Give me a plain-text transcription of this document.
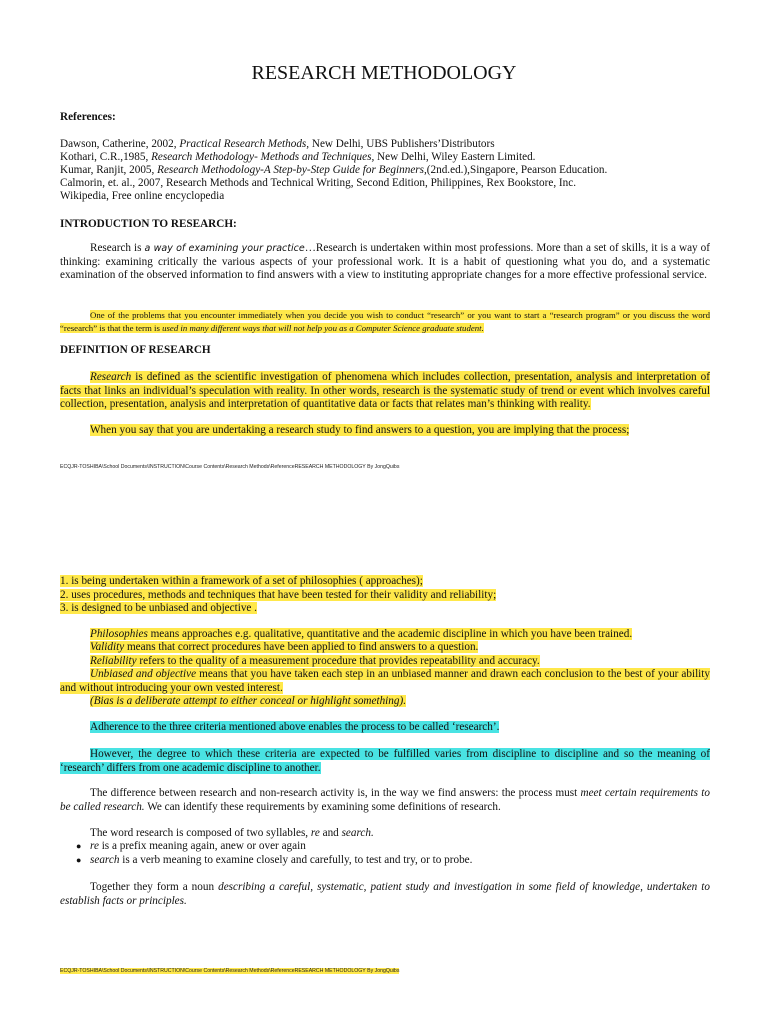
RESEARCH METHODOLOGY
References:
Dawson, Catherine, 2002, Practical Research Methods, New Delhi, UBS Publishers’Distributors
Kothari, C.R.,1985, Research Methodology- Methods and Techniques, New Delhi, Wiley Eastern Limited.
Kumar, Ranjit, 2005, Research Methodology-A Step-by-Step Guide for Beginners,(2nd.ed.),Singapore, Pearson Education.
Calmorin, et. al., 2007, Research Methods and Technical Writing, Second Edition, Philippines, Rex Bookstore, Inc.
Wikipedia, Free online encyclopedia
INTRODUCTION TO RESEARCH:
Research is a way of examining your practice…Research is undertaken within most professions. More than a set of skills, it is a way of thinking: examining critically the various aspects of your professional work. It is a habit of questioning what you do, and a systematic examination of the observed information to find answers with a view to instituting appropriate changes for a more effective professional service.
One of the problems that you encounter immediately when you decide you wish to conduct “research” or you want to start a “research program” or you discuss the word “research” is that the term is used in many different ways that will not help you as a Computer Science graduate student.
DEFINITION OF RESEARCH
Research is defined as the scientific investigation of phenomena which includes collection, presentation, analysis and interpretation of facts that links an individual’s speculation with reality. In other words, research is the systematic study of trend or event which involves careful collection, presentation, analysis and interpretation of quantitative data or facts that relates man’s thinking with reality.
When you say that you are undertaking a research study to find answers to a question, you are implying that the process;
ECQJR-TOSHIBA\School Documents\INSTRUCTION\Course Contents\Research Methods\ReferenceRESEARCH METHODOLOGY By JongQuibs
1. is being undertaken within a framework of a set of philosophies ( approaches);
2. uses procedures, methods and techniques that have been tested for their validity and reliability;
3. is designed to be unbiased and objective .
Philosophies means approaches e.g. qualitative, quantitative and the academic discipline in which you have been trained.
Validity means that correct procedures have been applied to find answers to a question.
Reliability refers to the quality of a measurement procedure that provides repeatability and accuracy.
Unbiased and objective means that you have taken each step in an unbiased manner and drawn each conclusion to the best of your ability and without introducing your own vested interest.
(Bias is a deliberate attempt to either conceal or highlight something).
Adherence to the three criteria mentioned above enables the process to be called ‘research’.
However, the degree to which these criteria are expected to be fulfilled varies from discipline to discipline and so the meaning of ‘research’ differs from one academic discipline to another.
The difference between research and non-research activity is, in the way we find answers: the process must meet certain requirements to be called research. We can identify these requirements by examining some definitions of research.
The word research is composed of two syllables, re and search.
● re is a prefix meaning again, anew or over again
● search is a verb meaning to examine closely and carefully, to test and try, or to probe.
Together they form a noun describing a careful, systematic, patient study and investigation in some field of knowledge, undertaken to establish facts or principles.
ECQJR-TOSHIBA\School Documents\INSTRUCTION\Course Contents\Research Methods\ReferenceRESEARCH METHODOLOGY By JongQuibs
